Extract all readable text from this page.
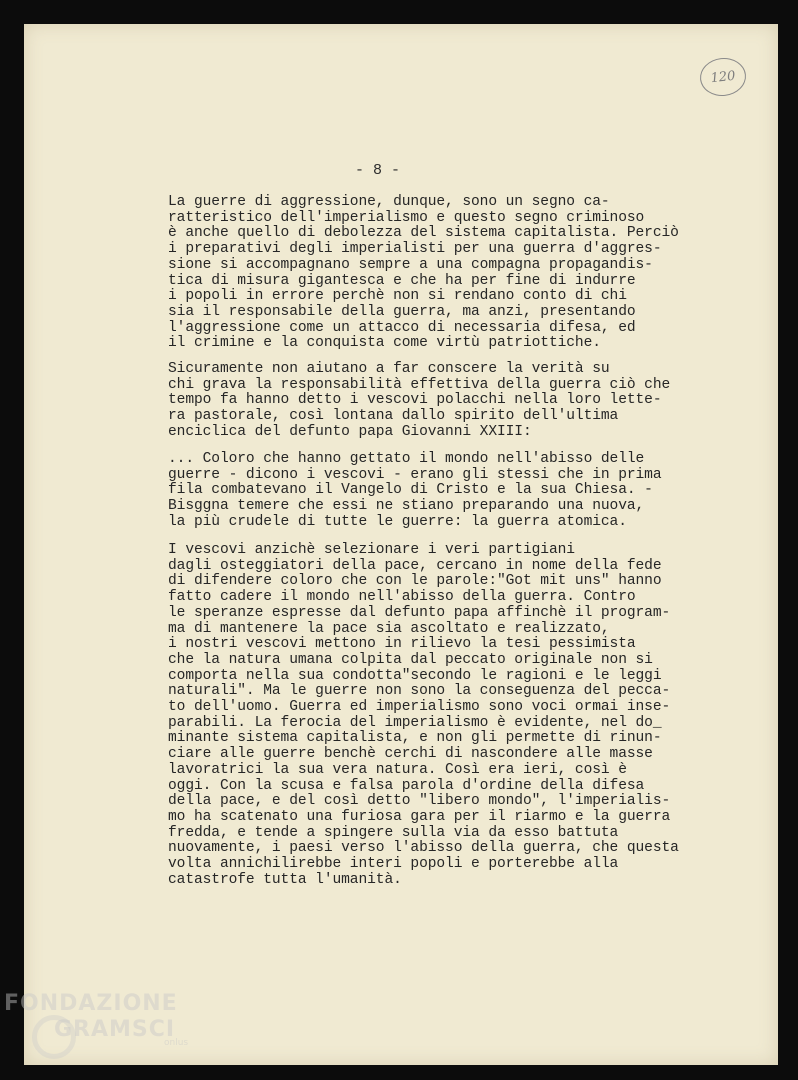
120
- 8 -
La guerre di aggressione, dunque, sono un segno ca-
ratteristico dell'imperialismo e questo segno criminoso
è anche quello di debolezza del sistema capitalista. Perciò
i preparativi degli imperialisti per una guerra d'aggres-
sione si accompagnano sempre a una compagna propagandis-
tica di misura gigantesca e che ha per fine di indurre
i popoli in errore perchè non si rendano conto di chi
sia il responsabile della guerra, ma anzi, presentando
l'aggressione come un attacco di necessaria difesa, ed
il crimine e la conquista come virtù patriottiche.
Sicuramente non aiutano a far conscere la verità su
chi grava la responsabilità effettiva della guerra ciò che
tempo fa hanno detto i vescovi polacchi nella loro lette-
ra pastorale, così lontana dallo spirito dell'ultima
enciclica del defunto papa Giovanni XXIII:
... Coloro che hanno gettato il mondo nell'abisso delle
guerre - dicono i vescovi - erano gli stessi che in prima
fila combatevano il Vangelo di Cristo e la sua Chiesa. -
Bisggna temere che essi ne stiano preparando una nuova,
la più crudele di tutte le guerre: la guerra atomica.
I vescovi anzichè selezionare i veri partigiani
dagli osteggiatori della pace, cercano in nome della fede
di difendere coloro che con le parole:"Got mit uns" hanno
fatto cadere il mondo nell'abisso della guerra. Contro
le speranze espresse dal defunto papa affinchè il program-
ma di mantenere la pace sia ascoltato e realizzato,
i nostri vescovi mettono in rilievo la tesi pessimista
che la natura umana colpita dal peccato originale non si
comporta nella sua condotta"secondo le ragioni e le leggi
naturali". Ma le guerre non sono la conseguenza del pecca-
to dell'uomo. Guerra ed imperialismo sono voci ormai inse-
parabili. La ferocia del imperialismo è evidente, nel do_
minante sistema capitalista, e non gli permette di rinun-
ciare alle guerre benchè cerchi di nascondere alle masse
lavoratrici la sua vera natura. Così era ieri, così è
oggi. Con la scusa e falsa parola d'ordine della difesa
della pace, e del così detto "libero mondo", l'imperialis-
mo ha scatenato una furiosa gara per il riarmo e la guerra
fredda, e tende a spingere sulla via da esso battuta
nuovamente, i paesi verso l'abisso della guerra, che questa
volta annichilirebbe interi popoli e porterebbe alla
catastrofe tutta l'umanità.
FONDAZIONE
GRAMSCI
onlus
